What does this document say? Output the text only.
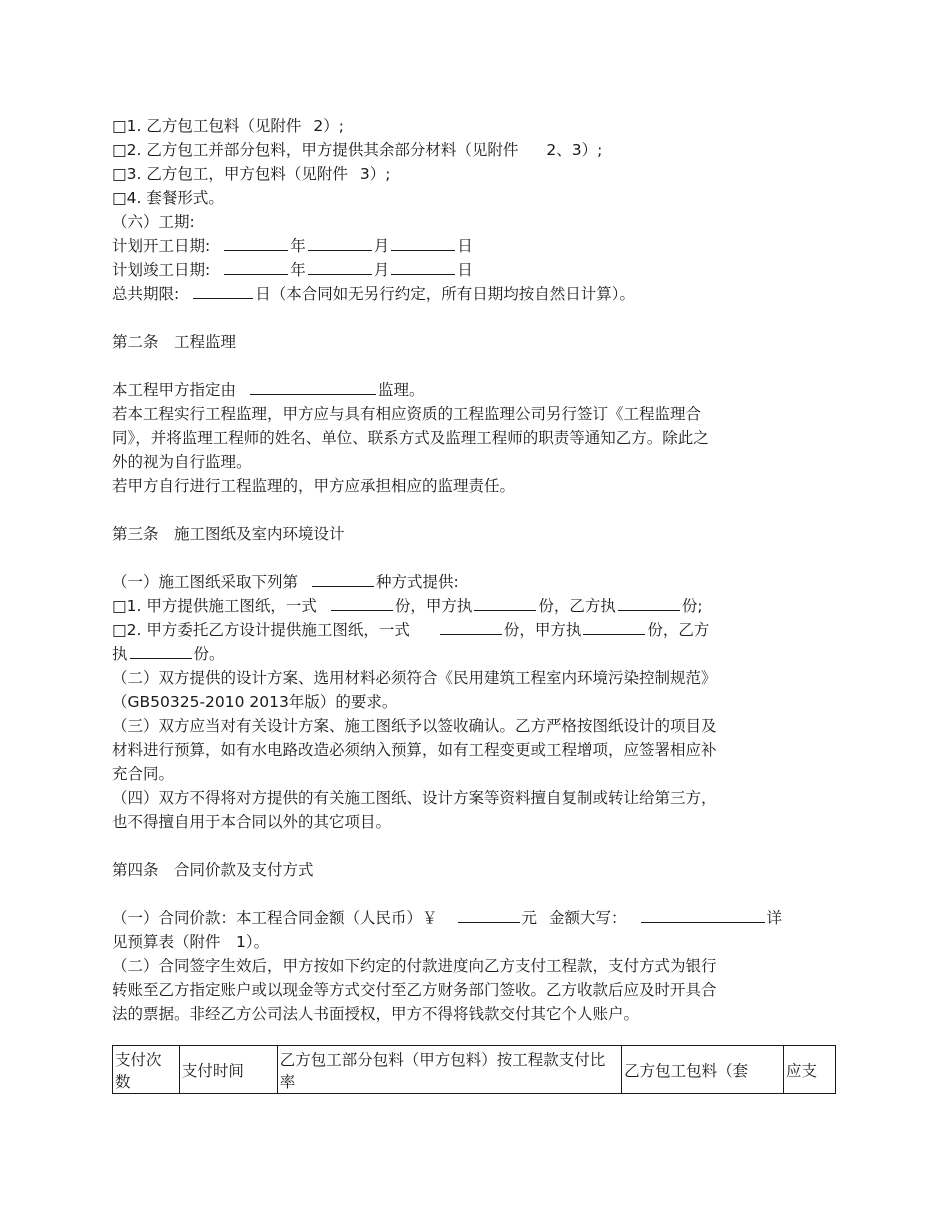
□1. 乙方包工包料（见附件 2）;
□2. 乙方包工并部分包料，甲方提供其余部分材料（见附件 2、3）;
□3. 乙方包工，甲方包料（见附件 3）;
□4. 套餐形式。
（六）工期:
计划开工日期:	年	月	日
计划竣工日期:	年	月	日
总共期限:	日（本合同如无另行约定，所有日期均按自然日计算）。
第二条　工程监理
本工程甲方指定由	监理。
若本工程实行工程监理，甲方应与具有相应资质的工程监理公司另行签订《工程监理合
同》，并将监理工程师的姓名、单位、联系方式及监理工程师的职责等通知乙方。除此之
外的视为自行监理。
若甲方自行进行工程监理的，甲方应承担相应的监理责任。
第三条　施工图纸及室内环境设计
（一）施工图纸采取下列第	种方式提供:
□1. 甲方提供施工图纸，一式	份，甲方执	份，乙方执	份;
□2. 甲方委托乙方设计提供施工图纸，一式	份，甲方执	份，乙方
执	份。
（二）双方提供的设计方案、选用材料必须符合《民用建筑工程室内环境污染控制规范》
（GB50325-2010 2013年版）的要求。
（三）双方应当对有关设计方案、施工图纸予以签收确认。乙方严格按图纸设计的项目及
材料进行预算，如有水电路改造必须纳入预算，如有工程变更或工程增项，应签署相应补
充合同。
（四）双方不得将对方提供的有关施工图纸、设计方案等资料擅自复制或转让给第三方，
也不得擅自用于本合同以外的其它项目。
第四条　合同价款及支付方式
（一）合同价款：本工程合同金额（人民币）￥	元 金额大写：	详
见预算表（附件　1）。
（二）合同签字生效后，甲方按如下约定的付款进度向乙方支付工程款，支付方式为银行
转账至乙方指定账户或以现金等方式交付至乙方财务部门签收。乙方收款后应及时开具合
法的票据。非经乙方公司法人书面授权，甲方不得将钱款交付其它个人账户。
支付次数	支付时间	乙方包工部分包料（甲方包料）按工程款支付比率	乙方包工包料（套	应支
